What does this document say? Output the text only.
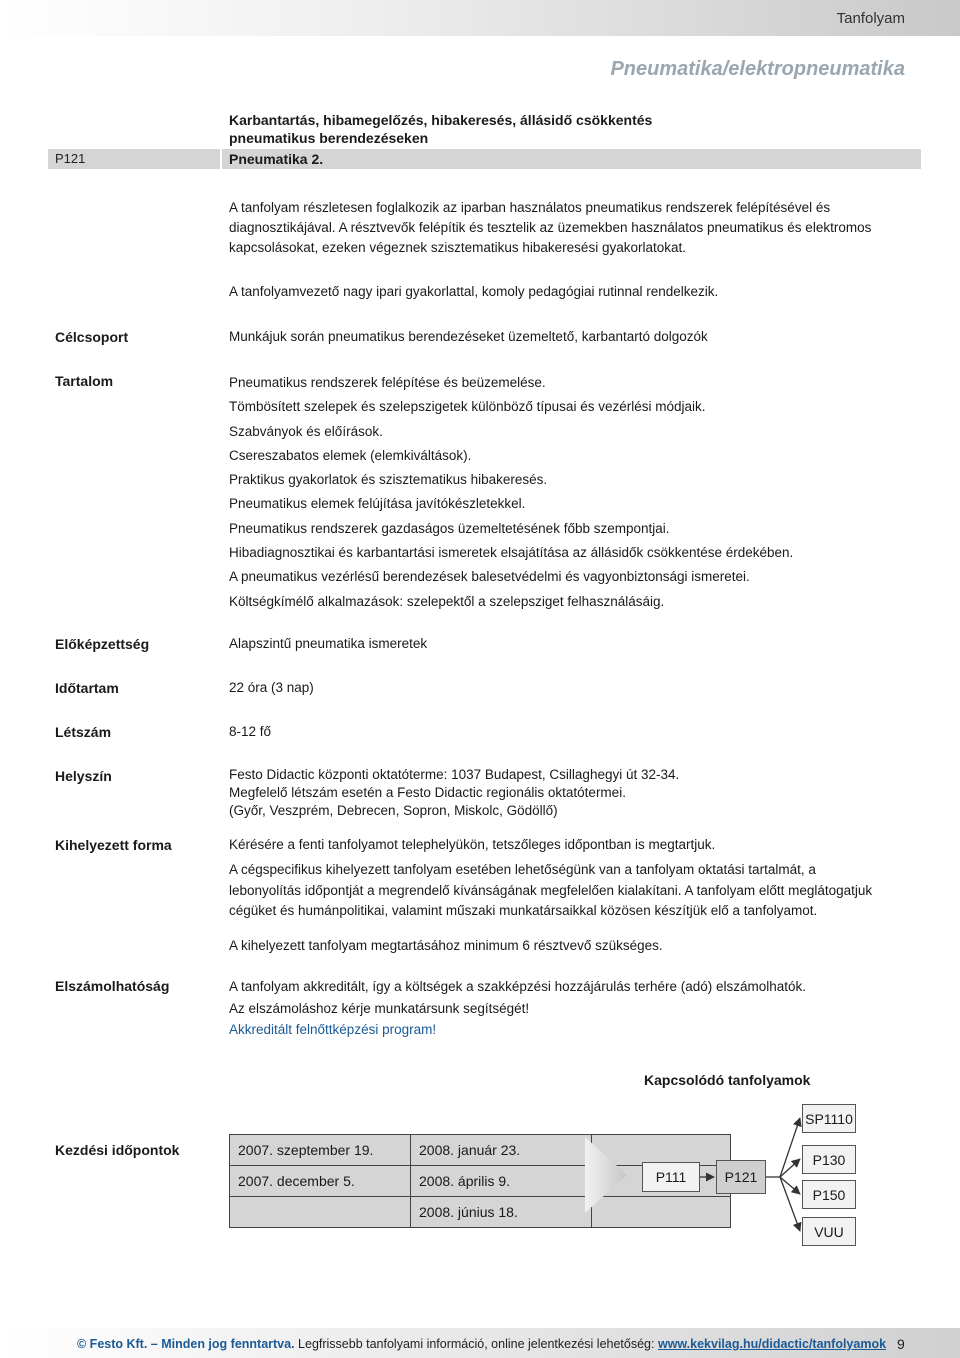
Tanfolyam
Pneumatika/elektropneumatika
P121
Karbantartás, hibamegelőzés, hibakeresés, állásidő csökkentés pneumatikus berendezéseken
Pneumatika 2.
A tanfolyam részletesen foglalkozik az iparban használatos pneumatikus rendszerek felépítésével és diagnosztikájával. A résztvevők felépítik és tesztelik az üzemekben használatos pneumatikus és elektromos kapcsolásokat, ezeken végeznek szisztematikus hibakeresési gyakorlatokat.
A tanfolyamvezető nagy ipari gyakorlattal, komoly pedagógiai rutinnal rendelkezik.
Célcsoport	Munkájuk során pneumatikus berendezéseket üzemeltető, karbantartó dolgozók
Tartalom	Pneumatikus rendszerek felépítése és beüzemelése.
Tömbösített szelepek és szelepszigetek különböző típusai és vezérlési módjaik.
Szabványok és előírások.
Csereszabatos elemek (elemkiváltások).
Praktikus gyakorlatok és szisztematikus hibakeresés.
Pneumatikus elemek felújítása javítókészletekkel.
Pneumatikus rendszerek gazdaságos üzemeltetésének főbb szempontjai.
Hibadiagnosztikai és karbantartási ismeretek elsajátítása az állásidők csökkentése érdekében.
A pneumatikus vezérlésű berendezések balesetvédelmi és vagyonbiztonsági ismeretei.
Költségkímélő alkalmazások: szelepektől a szelepsziget felhasználásáig.
Előképzettség	Alapszintű pneumatika ismeretek
Időtartam	22 óra (3 nap)
Létszám	8-12 fő
Helyszín	Festo Didactic központi oktatóterme: 1037 Budapest, Csillaghegyi út 32-34.
Megfelelő létszám esetén a Festo Didactic regionális oktatótermei.
(Győr, Veszprém, Debrecen, Sopron, Miskolc, Gödöllő)
Kihelyezett forma	Kérésére a fenti tanfolyamot telephelyükön, tetszőleges időpontban is megtartjuk.
A cégspecifikus kihelyezett tanfolyam esetében lehetőségünk van a tanfolyam oktatási tartalmát, a lebonyolítás időpontját a megrendelő kívánságának megfelelően kialakítani. A tanfolyam előtt meglátogatjuk cégüket és humánpolitikai, valamint műszaki munkatársaikkal közösen készítjük elő a tanfolyamot.
A kihelyezett tanfolyam megtartásához minimum 6 résztvevő szükséges.
Elszámolhatóság	A tanfolyam akkreditált, így a költségek a szakképzési hozzájárulás terhére (adó) elszámolhatók.
Az elszámoláshoz kérje munkatársunk segítségét!
Akkreditált felnőttképzési program!
Kapcsolódó tanfolyamok
Kezdési időpontok	2007. szeptember 19.	2008. január 23.	
2007. december 5.	2008. április 9.	
	2008. június 18.	
P111	P121
SP1110
P130
P150
VUU
© Festo Kft. – Minden jog fenntartva. Legfrissebb tanfolyami információ, online jelentkezési lehetőség: www.kekvilag.hu/didactic/tanfolyamok 9
